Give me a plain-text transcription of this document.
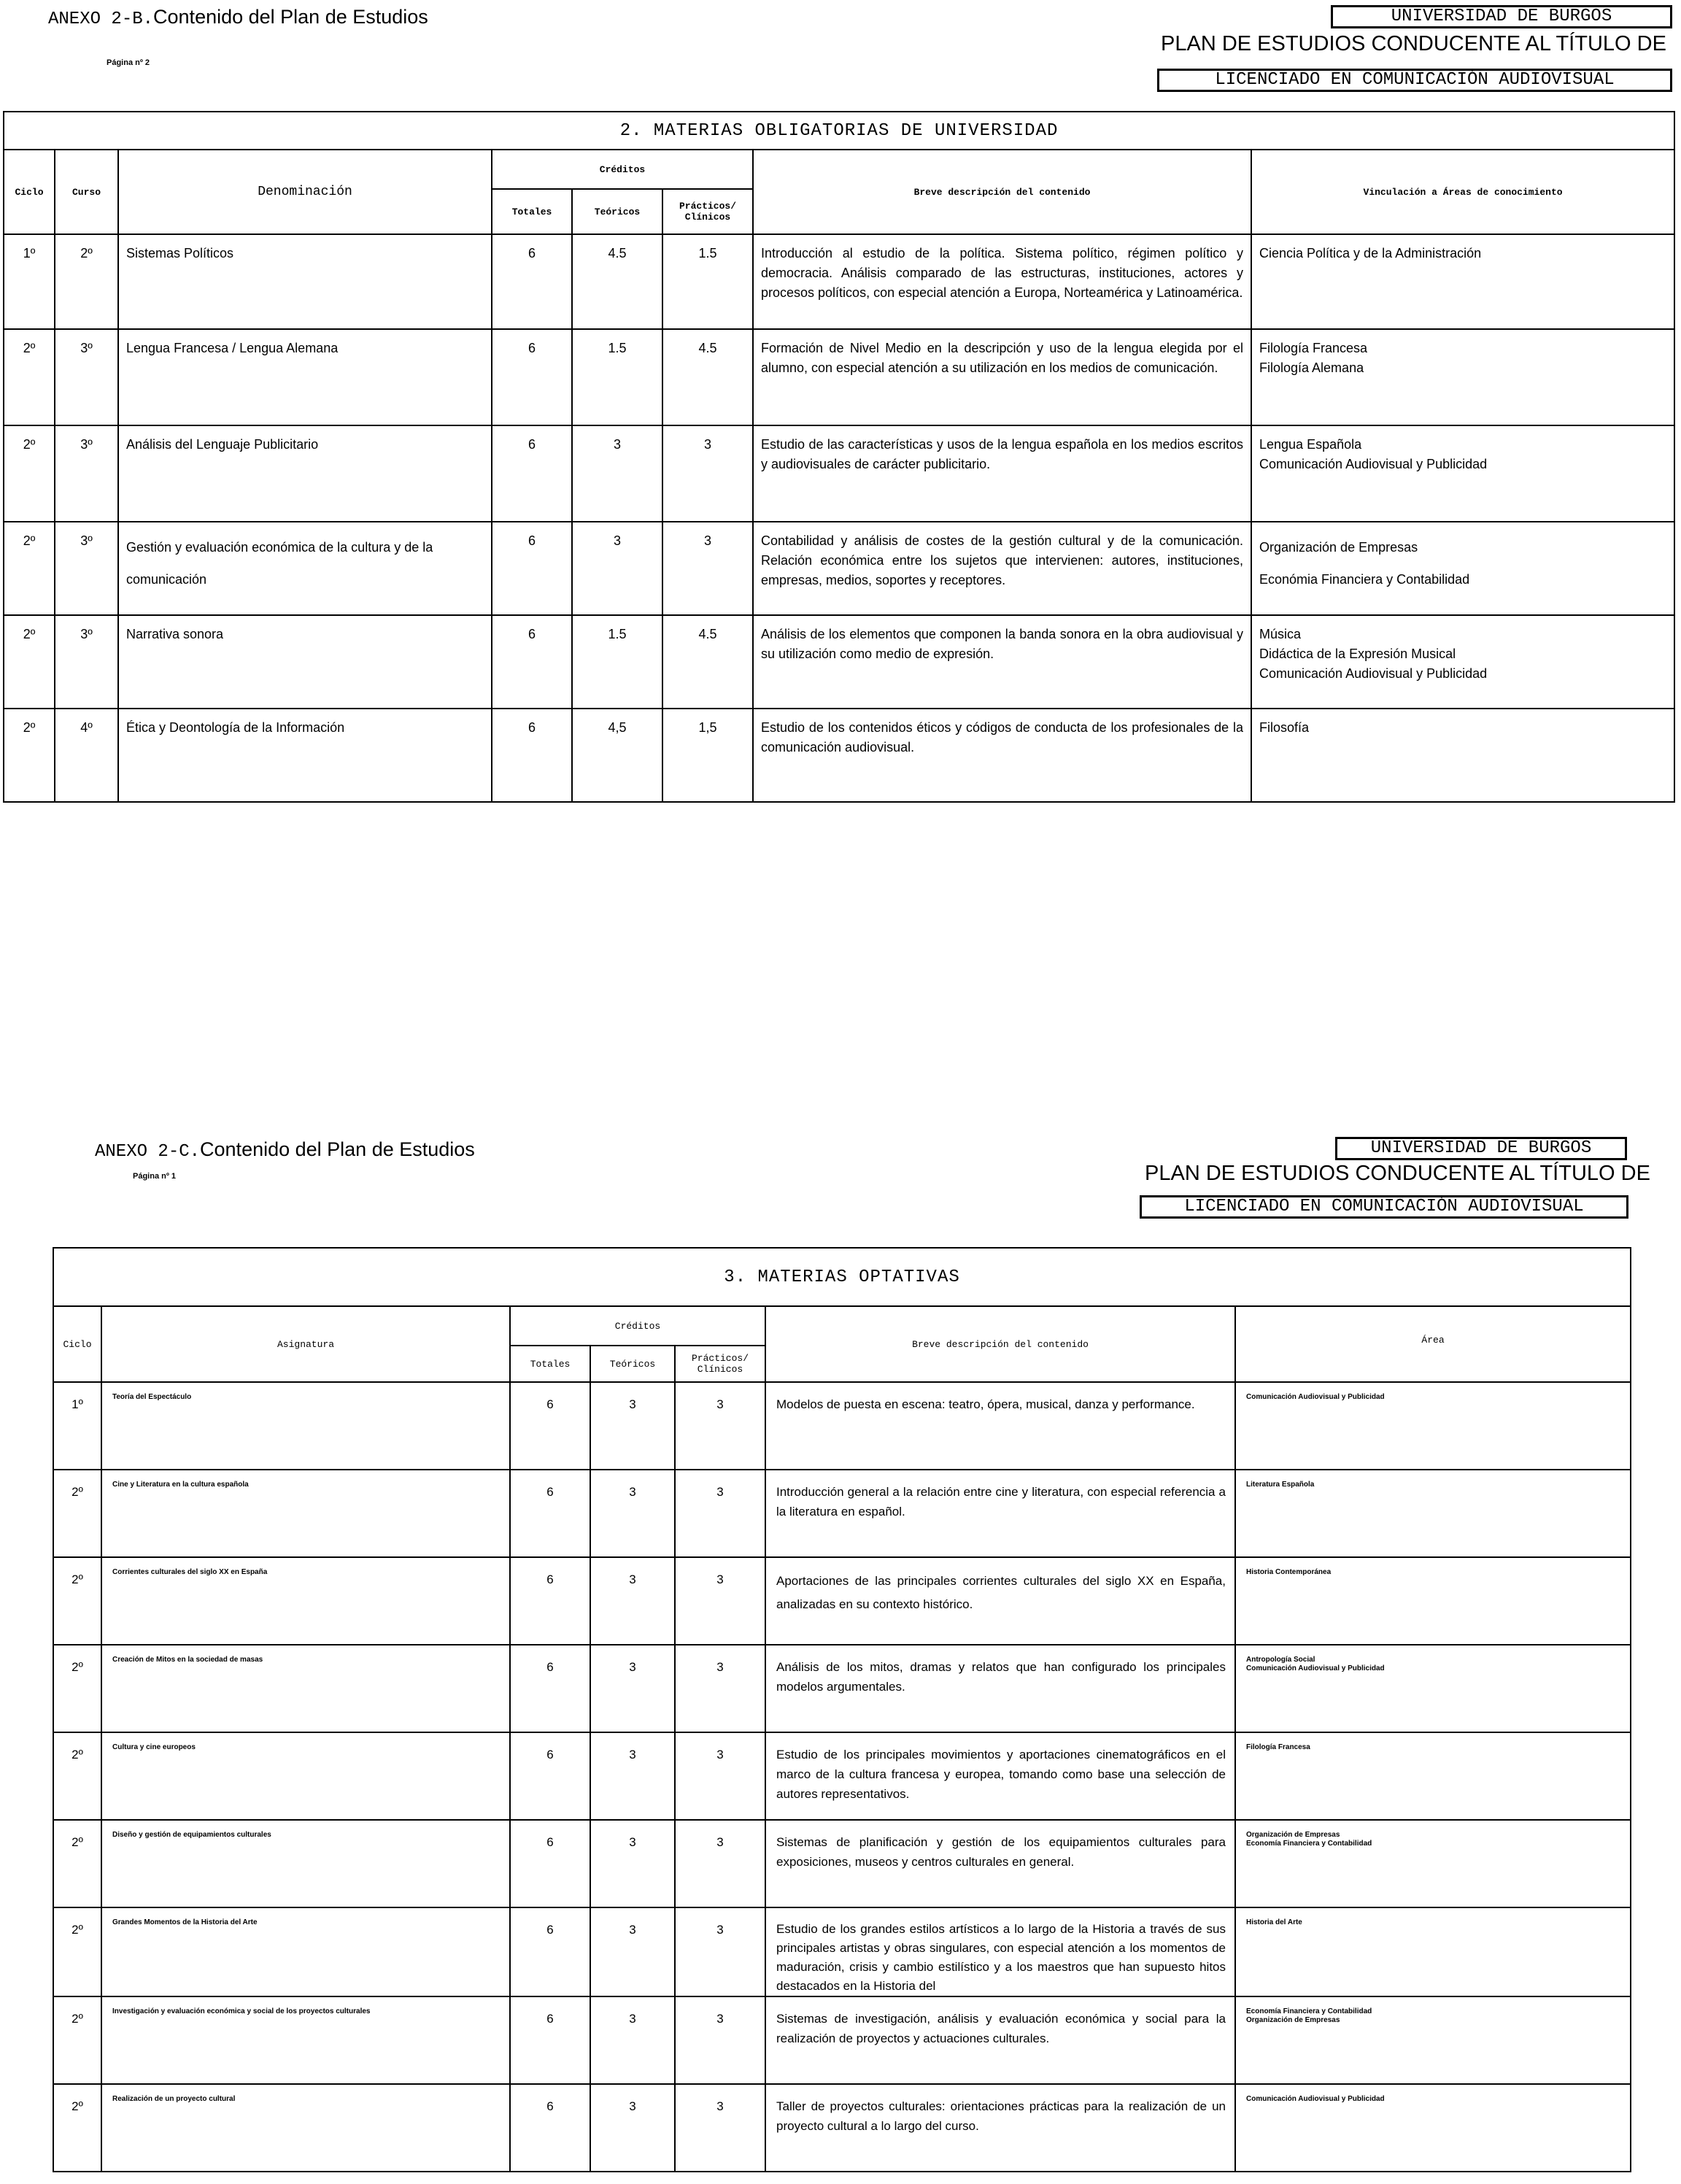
ANEXO 2-B.Contenido del Plan de Estudios
Página nº 2
UNIVERSIDAD DE BURGOS
PLAN DE ESTUDIOS CONDUCENTE AL TÍTULO DE
LICENCIADO EN COMUNICACIÓN AUDIOVISUAL
2. MATERIAS OBLIGATORIAS DE UNIVERSIDAD							
Ciclo	Curso	Denominación	Créditos			Breve descripción del contenido	Vinculación a Áreas de conocimiento
			Totales	Teóricos	Prácticos/ Clínicos		
1º	2º	Sistemas Políticos	6	4.5	1.5	Introducción al estudio de la política. Sistema político, régimen político y democracia. Análisis comparado de las estructuras, instituciones, actores y procesos políticos, con especial atención a Europa, Norteamérica y Latinoamérica.	Ciencia Política y de la Administración

2º	3º	Lengua Francesa / Lengua Alemana	6	1.5	4.5	Formación de Nivel Medio en la descripción y uso de la lengua elegida por el alumno, con especial atención a su utilización en los medios de comunicación.	Filología Francesa
Filología Alemana

2º	3º	Análisis del Lenguaje Publicitario	6	3	3	Estudio de las características y usos de la lengua española en los medios escritos y audiovisuales de carácter publicitario.	Lengua Española
Comunicación Audiovisual y Publicidad

2º	3º	Gestión y evaluación económica de la cultura y de la comunicación	6	3	3	Contabilidad y análisis de costes de la gestión cultural y de la comunicación. Relación económica entre los sujetos que intervienen: autores, instituciones, empresas, medios, soportes y receptores.	Organización de Empresas
Económia Financiera y Contabilidad

2º	3º	Narrativa sonora	6	1.5	4.5	Análisis de los elementos que componen la banda sonora en la obra audiovisual y su utilización como medio de expresión.	Música
Didáctica de la Expresión Musical
Comunicación Audiovisual y Publicidad

2º	4º	Ética y Deontología de la Información	6	4,5	1,5	Estudio de los contenidos éticos y códigos de conducta de los profesionales de la comunicación audiovisual.	Filosofía
ANEXO 2-C.Contenido del Plan de Estudios
Página nº 1
UNIVERSIDAD DE BURGOS
PLAN DE ESTUDIOS CONDUCENTE AL TÍTULO DE
LICENCIADO EN COMUNICACIÓN AUDIOVISUAL
3. MATERIAS OPTATIVAS						
Ciclo	Asignatura	Créditos			Breve descripción del contenido	Área
		Totales	Teóricos	Prácticos/ Clínicos		
1º	Teoría del Espectáculo	6	3	3	Modelos de puesta en escena: teatro, ópera, musical, danza y performance.	Comunicación Audiovisual y Publicidad

2º	Cine y Literatura en la cultura española	6	3	3	Introducción general a la relación entre cine y literatura, con especial referencia a la literatura en español.	Literatura Española

2º	Corrientes culturales del siglo XX en España	6	3	3	Aportaciones de las principales corrientes culturales del siglo XX en España, analizadas en su contexto histórico.	Historia Contemporánea

2º	Creación de Mitos en la sociedad de masas	6	3	3	Análisis de los mitos, dramas y relatos que han configurado los principales modelos argumentales.	Antropología Social
Comunicación Audiovisual y Publicidad

2º	Cultura y cine europeos	6	3	3	Estudio de los principales movimientos y aportaciones cinematográficos en el marco de la cultura francesa y europea, tomando como base una selección de autores representativos.	Filología Francesa

2º	Diseño y gestión de equipamientos culturales	6	3	3	Sistemas de planificación y gestión de los equipamientos culturales para exposiciones, museos y centros culturales en general.	Organización de Empresas
Economía Financiera y Contabilidad

2º	Grandes Momentos de la Historia del Arte	6	3	3	Estudio de los grandes estilos artísticos a lo largo de la Historia a través de sus principales artistas y obras singulares, con especial atención a los momentos de maduración, crisis y cambio estilístico y a los maestros que han supuesto hitos destacados en la Historia del	Historia del Arte

2º	Investigación y evaluación económica y social de los proyectos culturales	6	3	3	Sistemas de investigación, análisis y evaluación económica y social para la realización de proyectos y actuaciones culturales.	Economía Financiera y Contabilidad
Organización de Empresas

2º	Realización de un proyecto cultural	6	3	3	Taller de proyectos culturales: orientaciones prácticas para la realización de un proyecto cultural a lo largo del curso.	Comunicación Audiovisual y Publicidad
